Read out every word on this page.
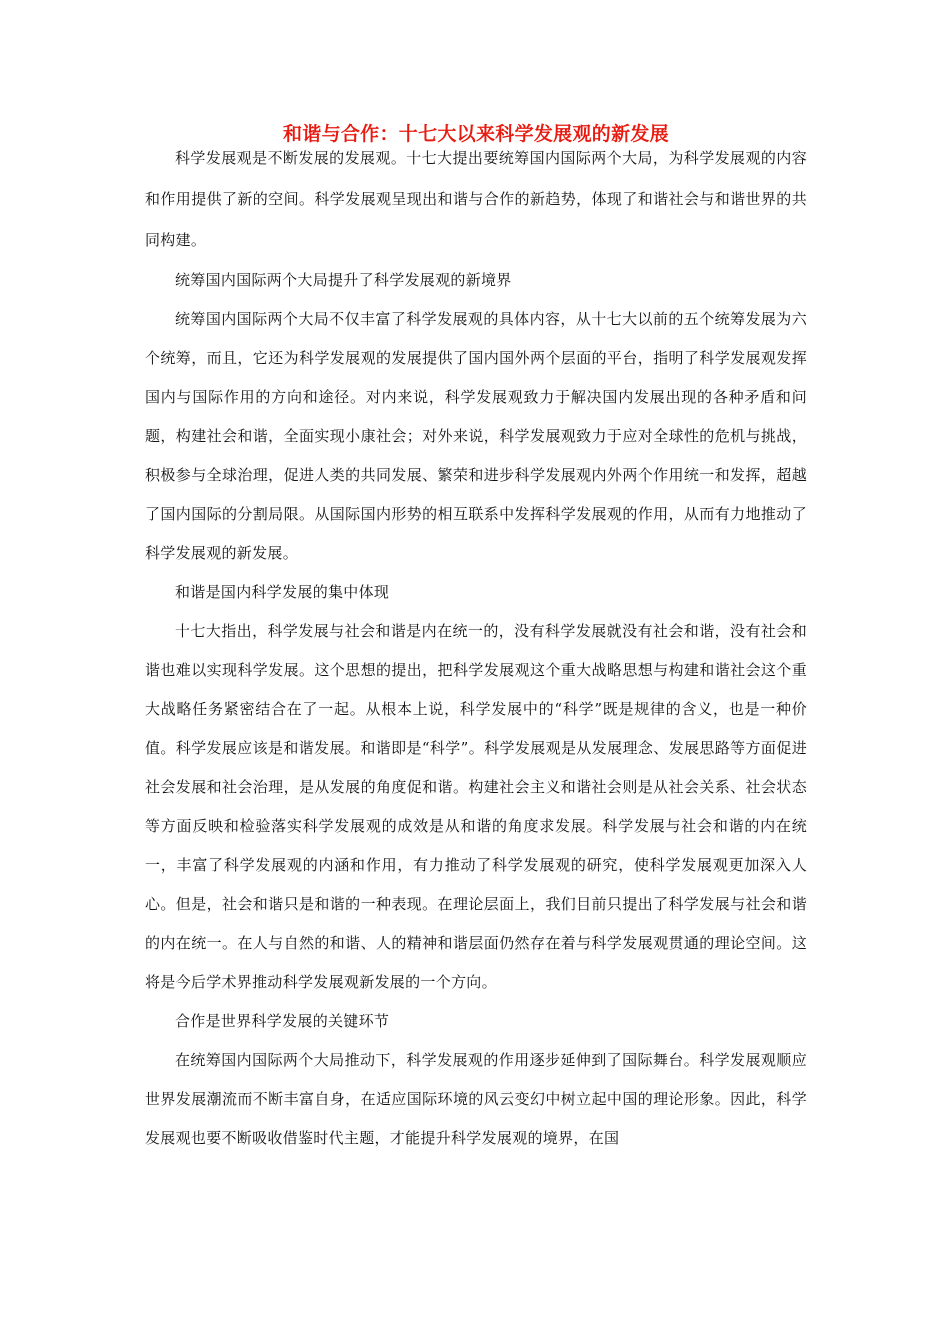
和谐与合作：十七大以来科学发展观的新发展

科学发展观是不断发展的发展观。十七大提出要统筹国内国际两个大局，为科学发展观的内容和作用提供了新的空间。科学发展观呈现出和谐与合作的新趋势，体现了和谐社会与和谐世界的共同构建。

统筹国内国际两个大局提升了科学发展观的新境界

统筹国内国际两个大局不仅丰富了科学发展观的具体内容，从十七大以前的五个统筹发展为六个统筹，而且，它还为科学发展观的发展提供了国内国外两个层面的平台，指明了科学发展观发挥国内与国际作用的方向和途径。对内来说，科学发展观致力于解决国内发展出现的各种矛盾和问题，构建社会和谐，全面实现小康社会；对外来说，科学发展观致力于应对全球性的危机与挑战，积极参与全球治理，促进人类的共同发展、繁荣和进步科学发展观内外两个作用统一和发挥，超越了国内国际的分割局限。从国际国内形势的相互联系中发挥科学发展观的作用，从而有力地推动了科学发展观的新发展。

和谐是国内科学发展的集中体现

十七大指出，科学发展与社会和谐是内在统一的，没有科学发展就没有社会和谐，没有社会和谐也难以实现科学发展。这个思想的提出，把科学发展观这个重大战略思想与构建和谐社会这个重大战略任务紧密结合在了一起。从根本上说，科学发展中的“科学”既是规律的含义，也是一种价值。科学发展应该是和谐发展。和谐即是“科学”。科学发展观是从发展理念、发展思路等方面促进社会发展和社会治理，是从发展的角度促和谐。构建社会主义和谐社会则是从社会关系、社会状态等方面反映和检验落实科学发展观的成效是从和谐的角度求发展。科学发展与社会和谐的内在统一，丰富了科学发展观的内涵和作用，有力推动了科学发展观的研究，使科学发展观更加深入人心。但是，社会和谐只是和谐的一种表现。在理论层面上，我们目前只提出了科学发展与社会和谐的内在统一。在人与自然的和谐、人的精神和谐层面仍然存在着与科学发展观贯通的理论空间。这将是今后学术界推动科学发展观新发展的一个方向。

合作是世界科学发展的关键环节

在统筹国内国际两个大局推动下，科学发展观的作用逐步延伸到了国际舞台。科学发展观顺应世界发展潮流而不断丰富自身，在适应国际环境的风云变幻中树立起中国的理论形象。因此，科学发展观也要不断吸收借鉴时代主题，才能提升科学发展观的境界，在国
